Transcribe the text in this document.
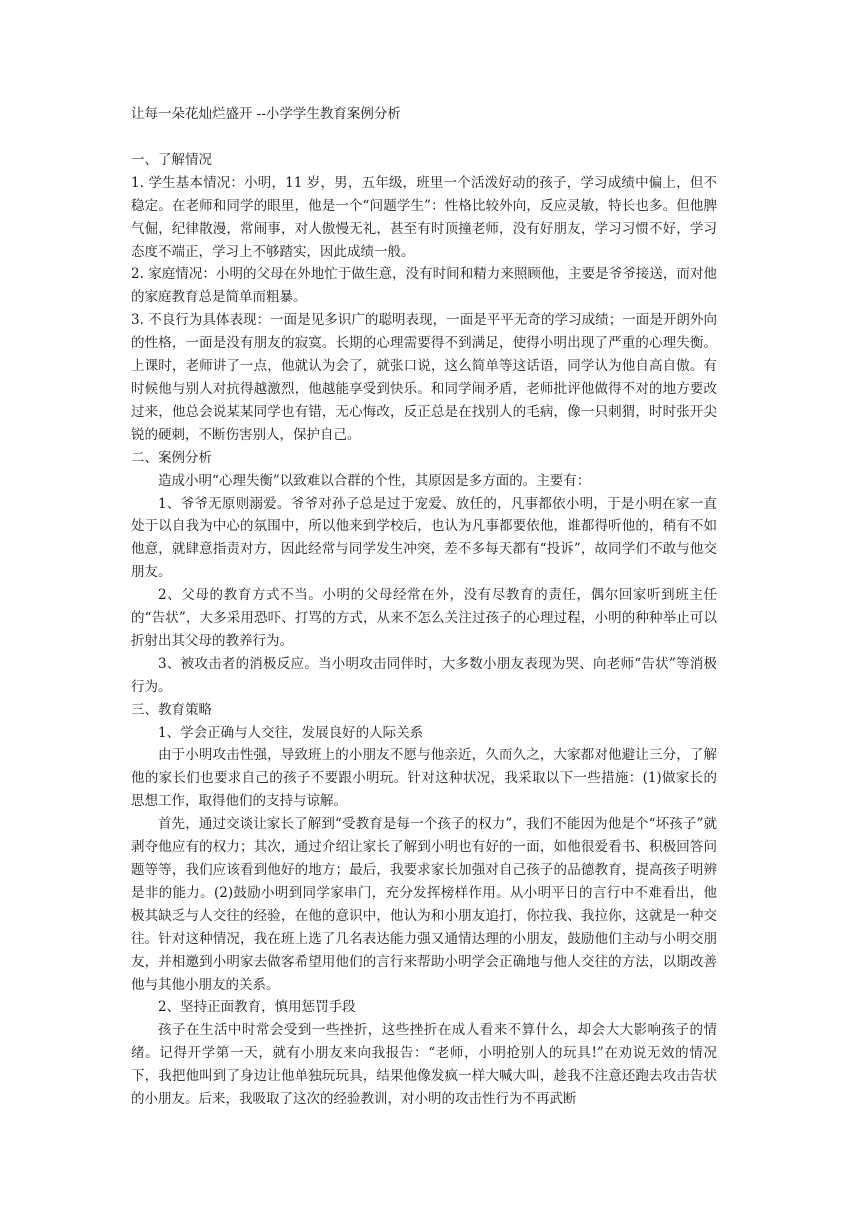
让每一朵花灿烂盛开 --小学学生教育案例分析

一、了解情况

1. 学生基本情况：小明，11 岁，男，五年级，班里一个活泼好动的孩子，学习成绩中偏上，但不稳定。在老师和同学的眼里，他是一个“问题学生”：性格比较外向，反应灵敏，特长也多。但他脾气倔，纪律散漫，常闹事，对人傲慢无礼，甚至有时顶撞老师，没有好朋友，学习习惯不好，学习态度不端正，学习上不够踏实，因此成绩一般。

2. 家庭情况：小明的父母在外地忙于做生意，没有时间和精力来照顾他，主要是爷爷接送，而对他的家庭教育总是简单而粗暴。

3. 不良行为具体表现：一面是见多识广的聪明表现，一面是平平无奇的学习成绩；一面是开朗外向的性格，一面是没有朋友的寂寞。长期的心理需要得不到满足，使得小明出现了严重的心理失衡。上课时，老师讲了一点，他就认为会了，就张口说，这么简单等这话语，同学认为他自高自傲。有时候他与别人对抗得越激烈，他越能享受到快乐。和同学闹矛盾，老师批评他做得不对的地方要改过来，他总会说某某同学也有错，无心悔改，反正总是在找别人的毛病，像一只刺猬，时时张开尖锐的硬刺，不断伤害别人，保护自己。

二、案例分析

造成小明“心理失衡”以致难以合群的个性，其原因是多方面的。主要有：

1、爷爷无原则溺爱。爷爷对孙子总是过于宠爱、放任的，凡事都依小明，于是小明在家一直处于以自我为中心的氛围中，所以他来到学校后，也认为凡事都要依他，谁都得听他的，稍有不如他意，就肆意指责对方，因此经常与同学发生冲突，差不多每天都有“投诉”，故同学们不敢与他交朋友。

2、父母的教育方式不当。小明的父母经常在外，没有尽教育的责任，偶尔回家听到班主任的“告状”，大多采用恐吓、打骂的方式，从来不怎么关注过孩子的心理过程，小明的种种举止可以折射出其父母的教养行为。

3、被攻击者的消极反应。当小明攻击同伴时，大多数小朋友表现为哭、向老师“告状”等消极行为。

三、教育策略

1、学会正确与人交往，发展良好的人际关系

由于小明攻击性强，导致班上的小朋友不愿与他亲近，久而久之，大家都对他避让三分，了解他的家长们也要求自己的孩子不要跟小明玩。针对这种状况，我采取以下一些措施：(1)做家长的思想工作，取得他们的支持与谅解。

首先，通过交谈让家长了解到“受教育是每一个孩子的权力”，我们不能因为他是个“坏孩子”就剥夺他应有的权力；其次，通过介绍让家长了解到小明也有好的一面，如他很爱看书、积极回答问题等等，我们应该看到他好的地方；最后，我要求家长加强对自己孩子的品德教育，提高孩子明辨是非的能力。(2)鼓励小明到同学家串门，充分发挥榜样作用。从小明平日的言行中不难看出，他极其缺乏与人交往的经验，在他的意识中，他认为和小朋友追打，你拉我、我拉你，这就是一种交往。针对这种情况，我在班上选了几名表达能力强又通情达理的小朋友，鼓励他们主动与小明交朋友，并相邀到小明家去做客希望用他们的言行来帮助小明学会正确地与他人交往的方法，以期改善他与其他小朋友的关系。

2、坚持正面教育，慎用惩罚手段

孩子在生活中时常会受到一些挫折，这些挫折在成人看来不算什么，却会大大影响孩子的情绪。记得开学第一天，就有小朋友来向我报告：“老师，小明抢别人的玩具!”在劝说无效的情况下，我把他叫到了身边让他单独玩玩具，结果他像发疯一样大喊大叫，趁我不注意还跑去攻击告状的小朋友。后来，我吸取了这次的经验教训，对小明的攻击性行为不再武断
